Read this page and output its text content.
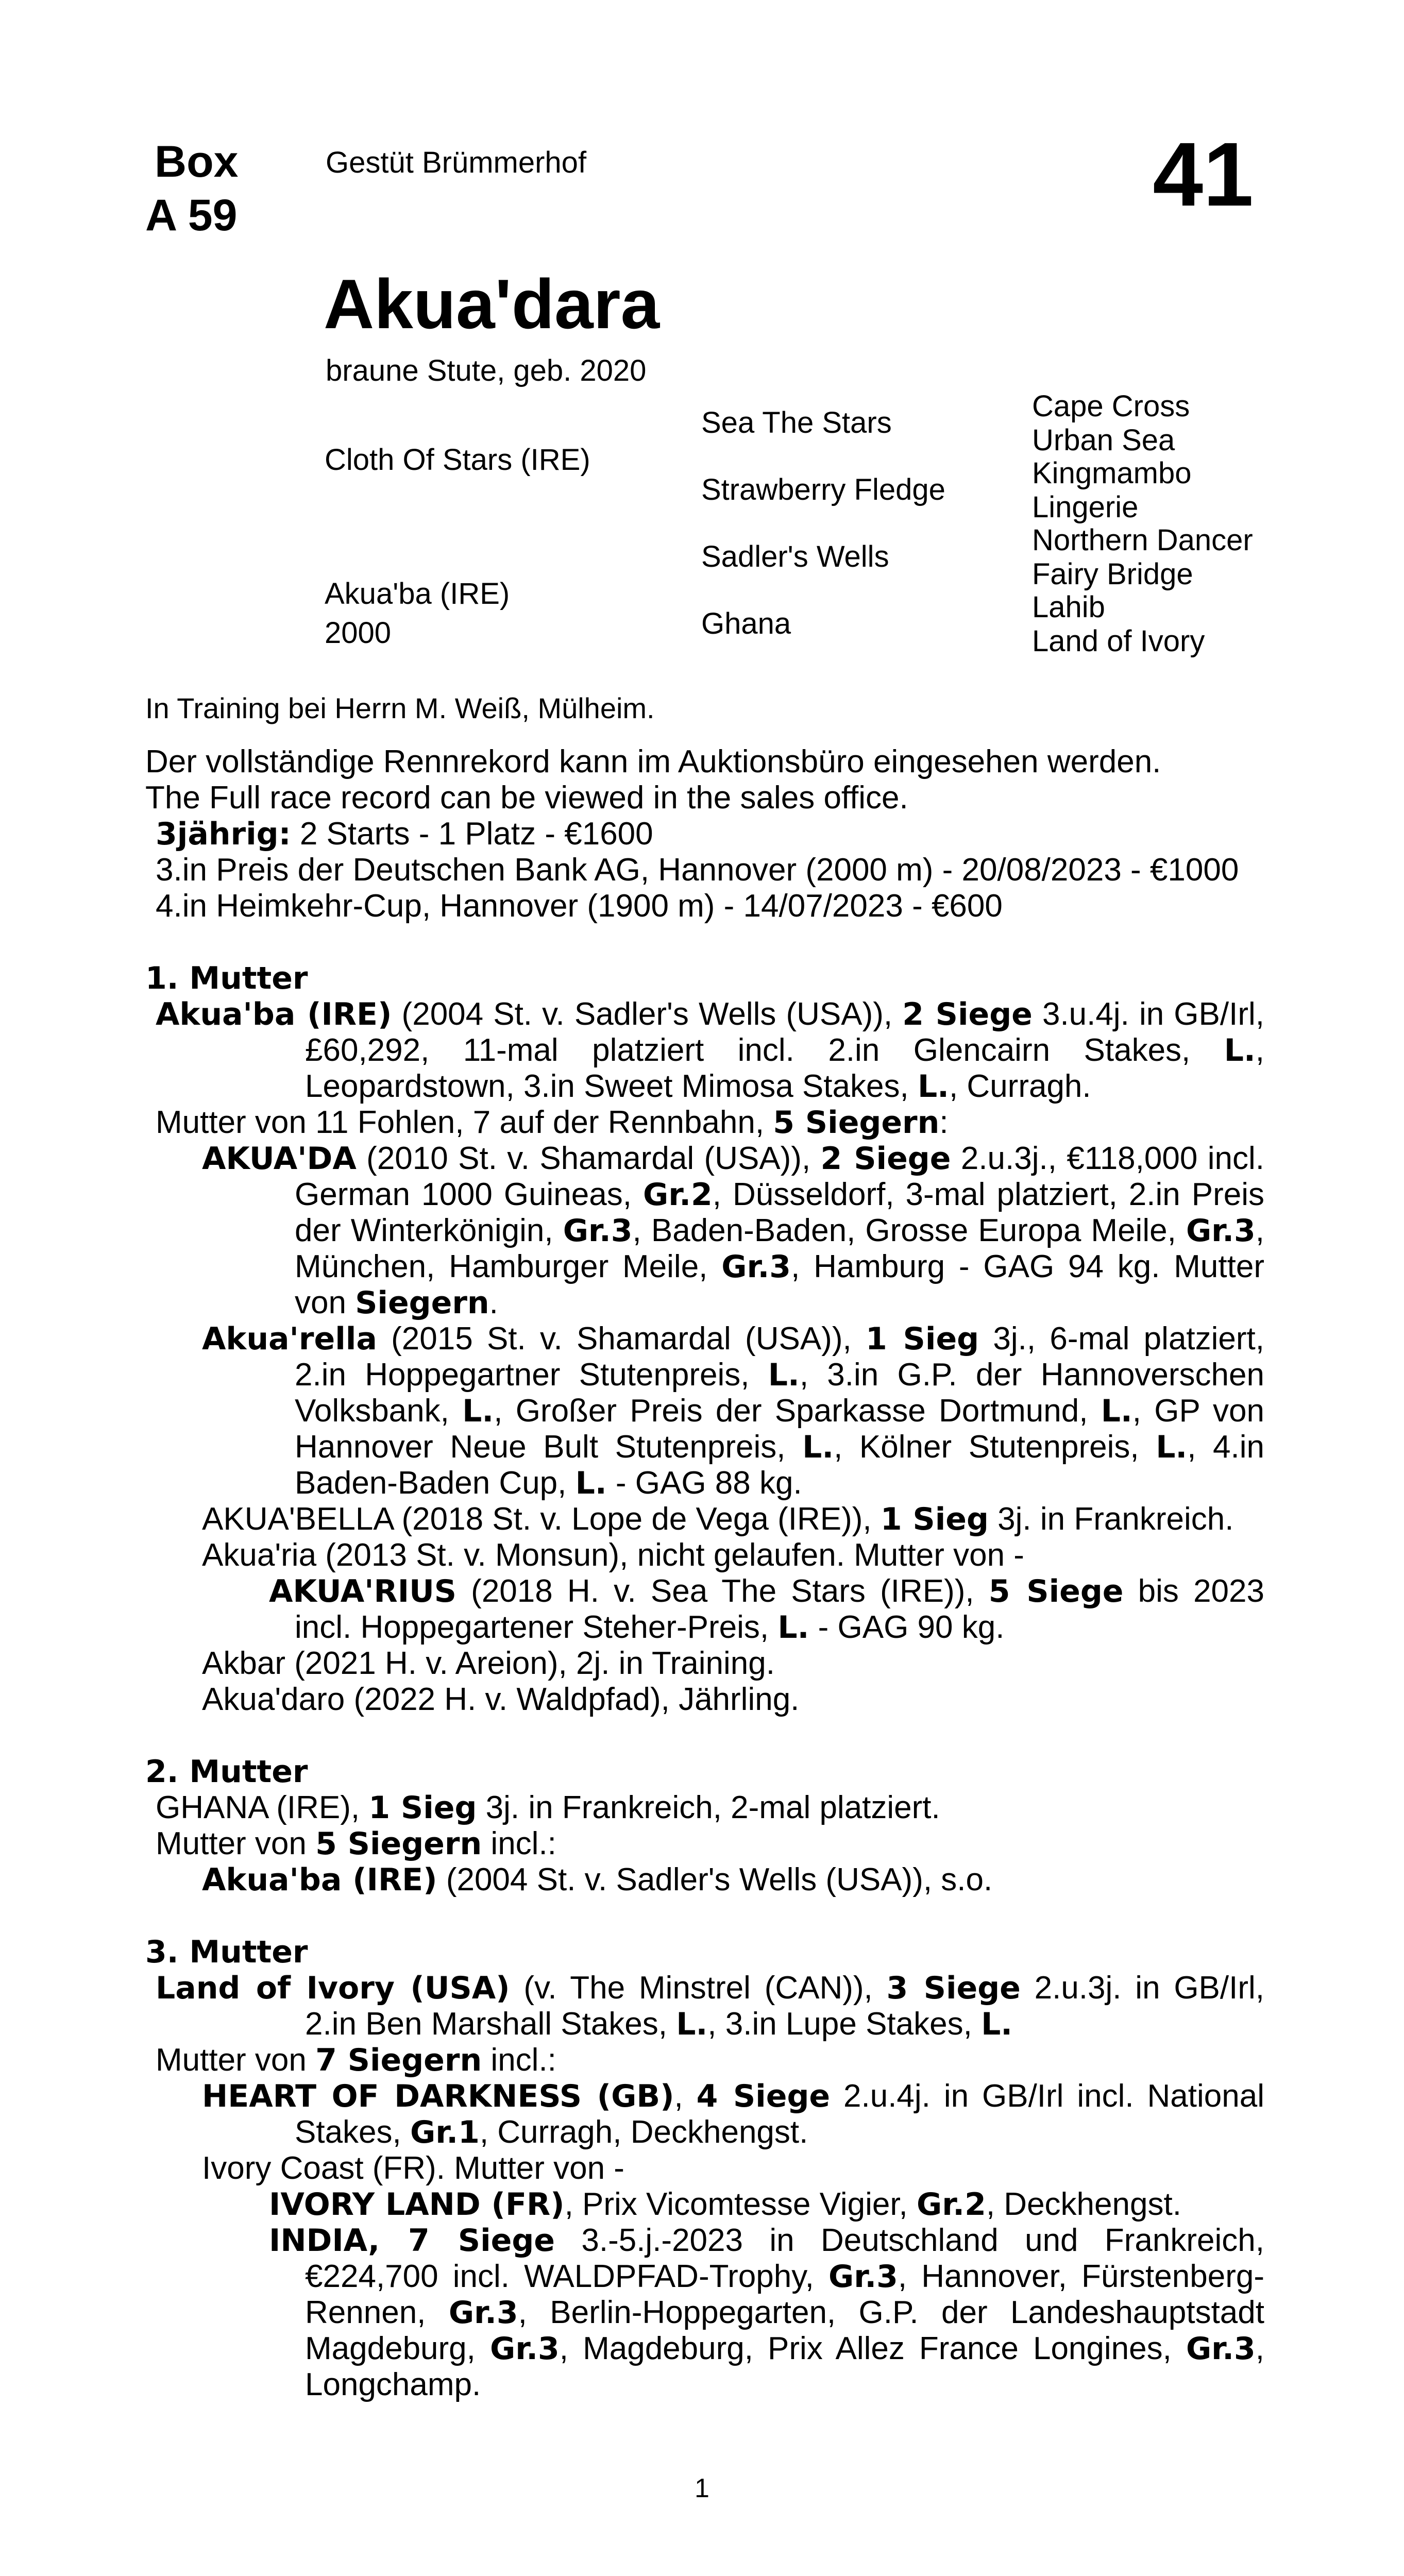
Box
A 59
Gestüt Brümmerhof	41
Akua'dara
braune Stute, geb. 2020
Cloth Of Stars (IRE)
Akua'ba (IRE)
2000
Sea The Stars
Strawberry Fledge
Sadler's Wells
Ghana
Cape Cross
Urban Sea
Kingmambo
Lingerie
Northern Dancer
Fairy Bridge
Lahib
Land of Ivory
In Training bei Herrn M. Weiß, Mülheim.
Der vollständige Rennrekord kann im Auktionsbüro eingesehen werden.
The Full race record can be viewed in the sales office.
3jährig: 2 Starts - 1 Platz - €1600
3.in Preis der Deutschen Bank AG, Hannover (2000 m) - 20/08/2023 - €1000
4.in Heimkehr-Cup, Hannover (1900 m) - 14/07/2023 - €600
1. Mutter
Akua'ba (IRE) (2004 St. v. Sadler's Wells (USA)), 2 Siege 3.u.4j. in GB/Irl, £60,292, 11-mal platziert incl. 2.in Glencairn Stakes, L., Leopardstown, 3.in Sweet Mimosa Stakes, L., Curragh.
Mutter von 11 Fohlen, 7 auf der Rennbahn, 5 Siegern:
AKUA'DA (2010 St. v. Shamardal (USA)), 2 Siege 2.u.3j., €118,000 incl. German 1000 Guineas, Gr.2, Düsseldorf, 3-mal platziert, 2.in Preis der Winterkönigin, Gr.3, Baden-Baden, Grosse Europa Meile, Gr.3, München, Hamburger Meile, Gr.3, Hamburg - GAG 94 kg. Mutter von Siegern.
Akua'rella (2015 St. v. Shamardal (USA)), 1 Sieg 3j., 6-mal platziert, 2.in Hoppegartner Stutenpreis, L., 3.in G.P. der Hannoverschen Volksbank, L., Großer Preis der Sparkasse Dortmund, L., GP von Hannover Neue Bult Stutenpreis, L., Kölner Stutenpreis, L., 4.in Baden-Baden Cup, L. - GAG 88 kg.
AKUA'BELLA (2018 St. v. Lope de Vega (IRE)), 1 Sieg 3j. in Frankreich.
Akua'ria (2013 St. v. Monsun), nicht gelaufen. Mutter von -
AKUA'RIUS (2018 H. v. Sea The Stars (IRE)), 5 Siege bis 2023 incl. Hoppegartener Steher-Preis, L. - GAG 90 kg.
Akbar (2021 H. v. Areion), 2j. in Training.
Akua'daro (2022 H. v. Waldpfad), Jährling.
2. Mutter
GHANA (IRE), 1 Sieg 3j. in Frankreich, 2-mal platziert.
Mutter von 5 Siegern incl.:
Akua'ba (IRE) (2004 St. v. Sadler's Wells (USA)), s.o.
3. Mutter
Land of Ivory (USA) (v. The Minstrel (CAN)), 3 Siege 2.u.3j. in GB/Irl, 2.in Ben Marshall Stakes, L., 3.in Lupe Stakes, L.
Mutter von 7 Siegern incl.:
HEART OF DARKNESS (GB), 4 Siege 2.u.4j. in GB/Irl incl. National Stakes, Gr.1, Curragh, Deckhengst.
Ivory Coast (FR). Mutter von -
IVORY LAND (FR), Prix Vicomtesse Vigier, Gr.2, Deckhengst.
INDIA, 7 Siege 3.-5.j.-2023 in Deutschland und Frankreich, €224,700 incl. WALDPFAD-Trophy, Gr.3, Hannover, Fürstenberg-Rennen, Gr.3, Berlin-Hoppegarten, G.P. der Landeshauptstadt Magdeburg, Gr.3, Magdeburg, Prix Allez France Longines, Gr.3, Longchamp.
1
